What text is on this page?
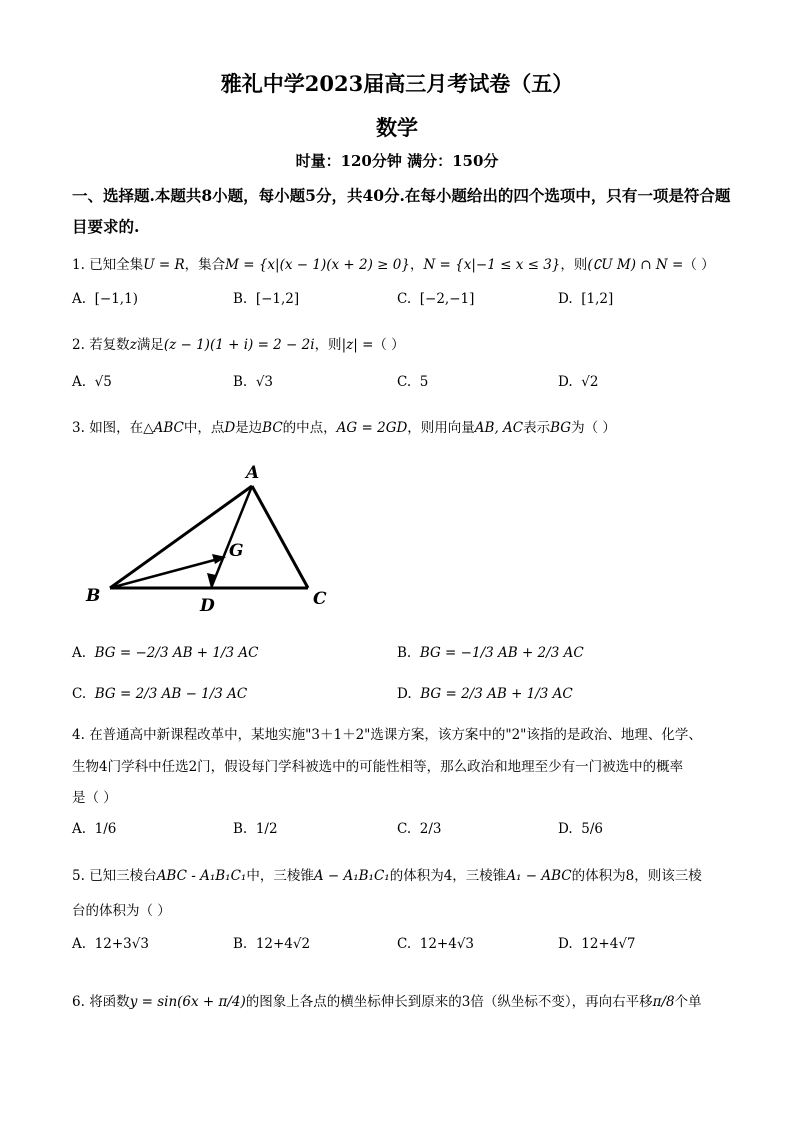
雅礼中学2023届高三月考试卷（五）
数学
时量：120分钟 满分：150分
一、选择题.本题共8小题，每小题5分，共40分.在每小题给出的四个选项中，只有一项是符合题目要求的.
1. 已知全集U = R，集合M = {x|(x − 1)(x + 2) ≥ 0}，N = {x|−1 ≤ x ≤ 3}，则(∁U M) ∩ N =（ ）
A. [−1,1)	B. [−1,2]	C. [−2,−1]	D. [1,2]
2. 若复数z满足(z − 1)(1 + i) = 2 − 2i，则|z| =（ ）
A. √5	B. √3	C. 5	D. √2
3. 如图，在△ABC中，点D是边BC的中点，AG = 2GD，则用向量AB, AC表示BG为（ ）
A
G
B	D	C
A. BG = −2/3 AB + 1/3 AC	B. BG = −1/3 AB + 2/3 AC
C. BG = 2/3 AB − 1/3 AC	D. BG = 2/3 AB + 1/3 AC
4. 在普通高中新课程改革中，某地实施"3＋1＋2"选课方案，该方案中的"2"该指的是政治、地理、化学、
生物4门学科中任选2门，假设每门学科被选中的可能性相等，那么政治和地理至少有一门被选中的概率
是（ ）
A. 1/6	B. 1/2	C. 2/3	D. 5/6
5. 已知三棱台ABC - A₁B₁C₁中，三棱锥A − A₁B₁C₁的体积为4，三棱锥A₁ − ABC的体积为8，则该三棱
台的体积为（ ）
A. 12+3√3	B. 12+4√2	C. 12+4√3	D. 12+4√7
6. 将函数y = sin(6x + π/4)的图象上各点的横坐标伸长到原来的3倍（纵坐标不变），再向右平移π/8个单
